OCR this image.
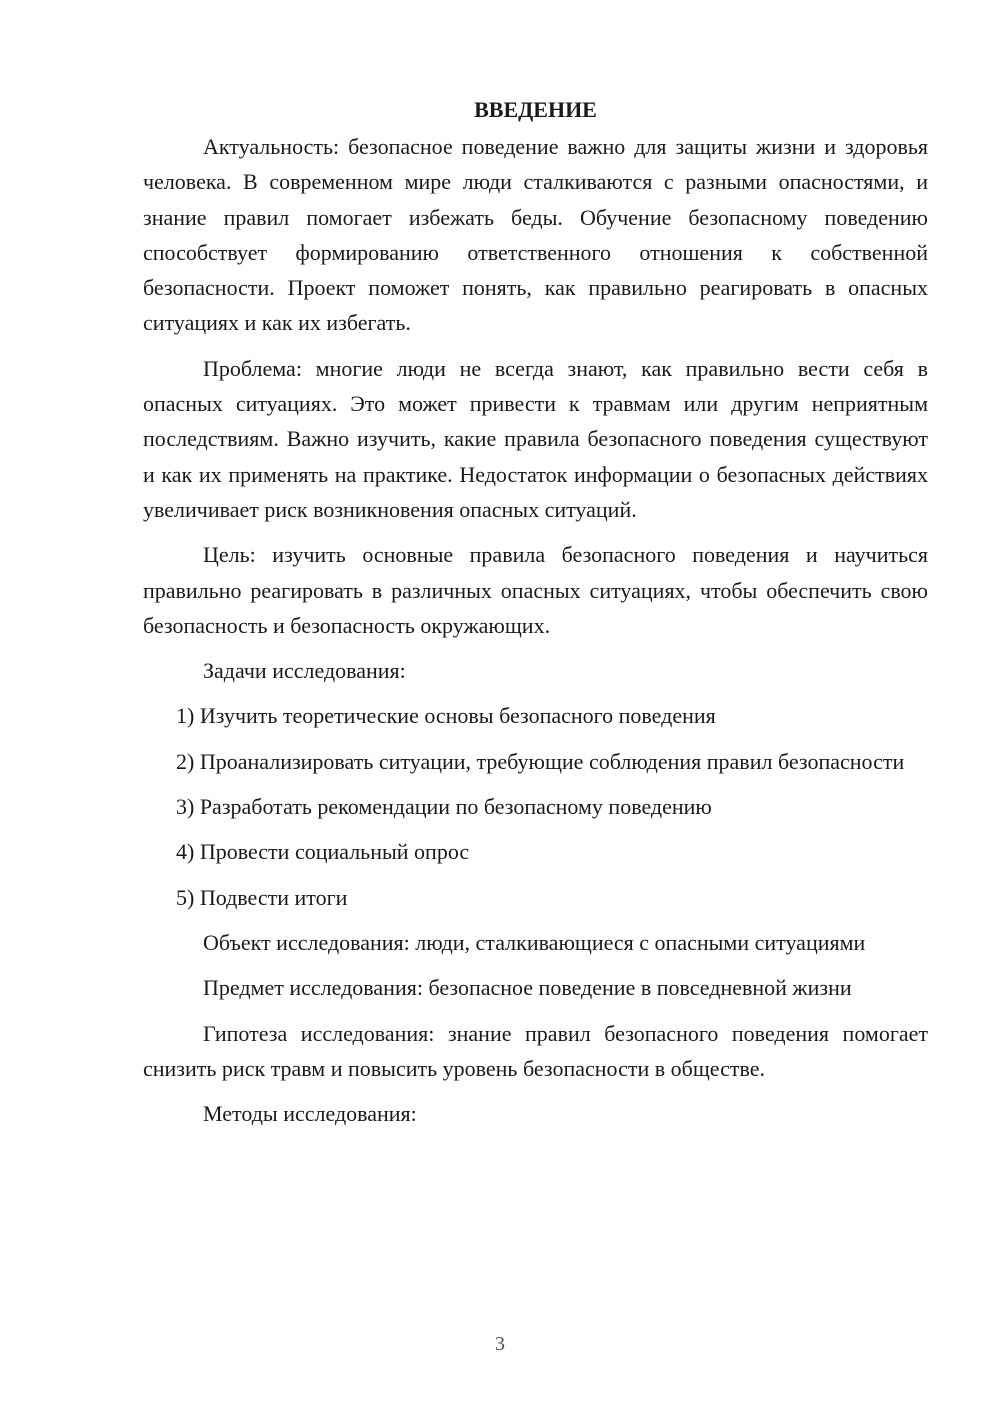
ВВЕДЕНИЕ

Актуальность: безопасное поведение важно для защиты жизни и здоровья человека. В современном мире люди сталкиваются с разными опасностями, и знание правил помогает избежать беды. Обучение безопасному поведению способствует формированию ответственного отношения к собственной безопасности. Проект поможет понять, как правильно реагировать в опасных ситуациях и как их избегать.

Проблема: многие люди не всегда знают, как правильно вести себя в опасных ситуациях. Это может привести к травмам или другим неприятным последствиям. Важно изучить, какие правила безопасного поведения существуют и как их применять на практике. Недостаток информации о безопасных действиях увеличивает риск возникновения опасных ситуаций.

Цель: изучить основные правила безопасного поведения и научиться правильно реагировать в различных опасных ситуациях, чтобы обеспечить свою безопасность и безопасность окружающих.

Задачи исследования:

1) Изучить теоретические основы безопасного поведения

2) Проанализировать ситуации, требующие соблюдения правил безопасности

3) Разработать рекомендации по безопасному поведению

4) Провести социальный опрос

5) Подвести итоги

Объект исследования: люди, сталкивающиеся с опасными ситуациями

Предмет исследования: безопасное поведение в повседневной жизни

Гипотеза исследования: знание правил безопасного поведения помогает снизить риск травм и повысить уровень безопасности в обществе.

Методы исследования:

3
